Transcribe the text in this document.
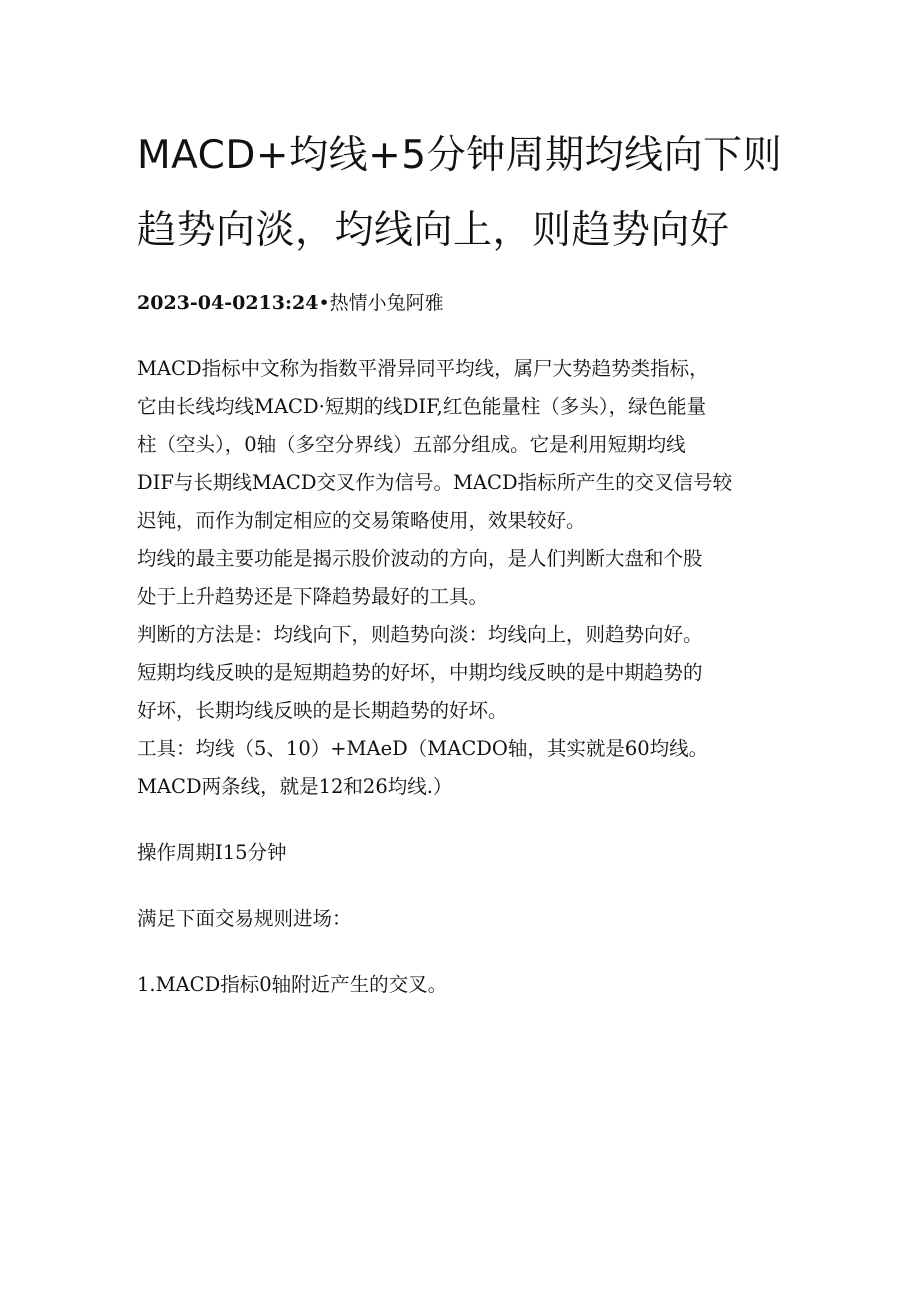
MACD+均线+5分钟周期均线向下则
趋势向淡，均线向上，则趋势向好
2023-04-0213:24•热情小兔阿雅
MACD指标中文称为指数平滑异同平均线，属尸大势趋势类指标，
它由长线均线MACD·短期的线DIF,红色能量柱（多头），绿色能量
柱（空头），0轴（多空分界线）五部分组成。它是利用短期均线
DIF与长期线MACD交叉作为信号。MACD指标所产生的交叉信号较
迟钝，而作为制定相应的交易策略使用，效果较好。
均线的最主要功能是揭示股价波动的方向，是人们判断大盘和个股
处于上升趋势还是下降趋势最好的工具。
判断的方法是：均线向下，则趋势向淡：均线向上，则趋势向好。
短期均线反映的是短期趋势的好坏，中期均线反映的是中期趋势的
好坏，长期均线反映的是长期趋势的好坏。
工具：均线（5、10）+MAeD（MACDO轴，其实就是60均线。
MACD两条线，就是12和26均线.）
操作周期I15分钟
满足下面交易规则进场：
1.MACD指标0轴附近产生的交叉。
